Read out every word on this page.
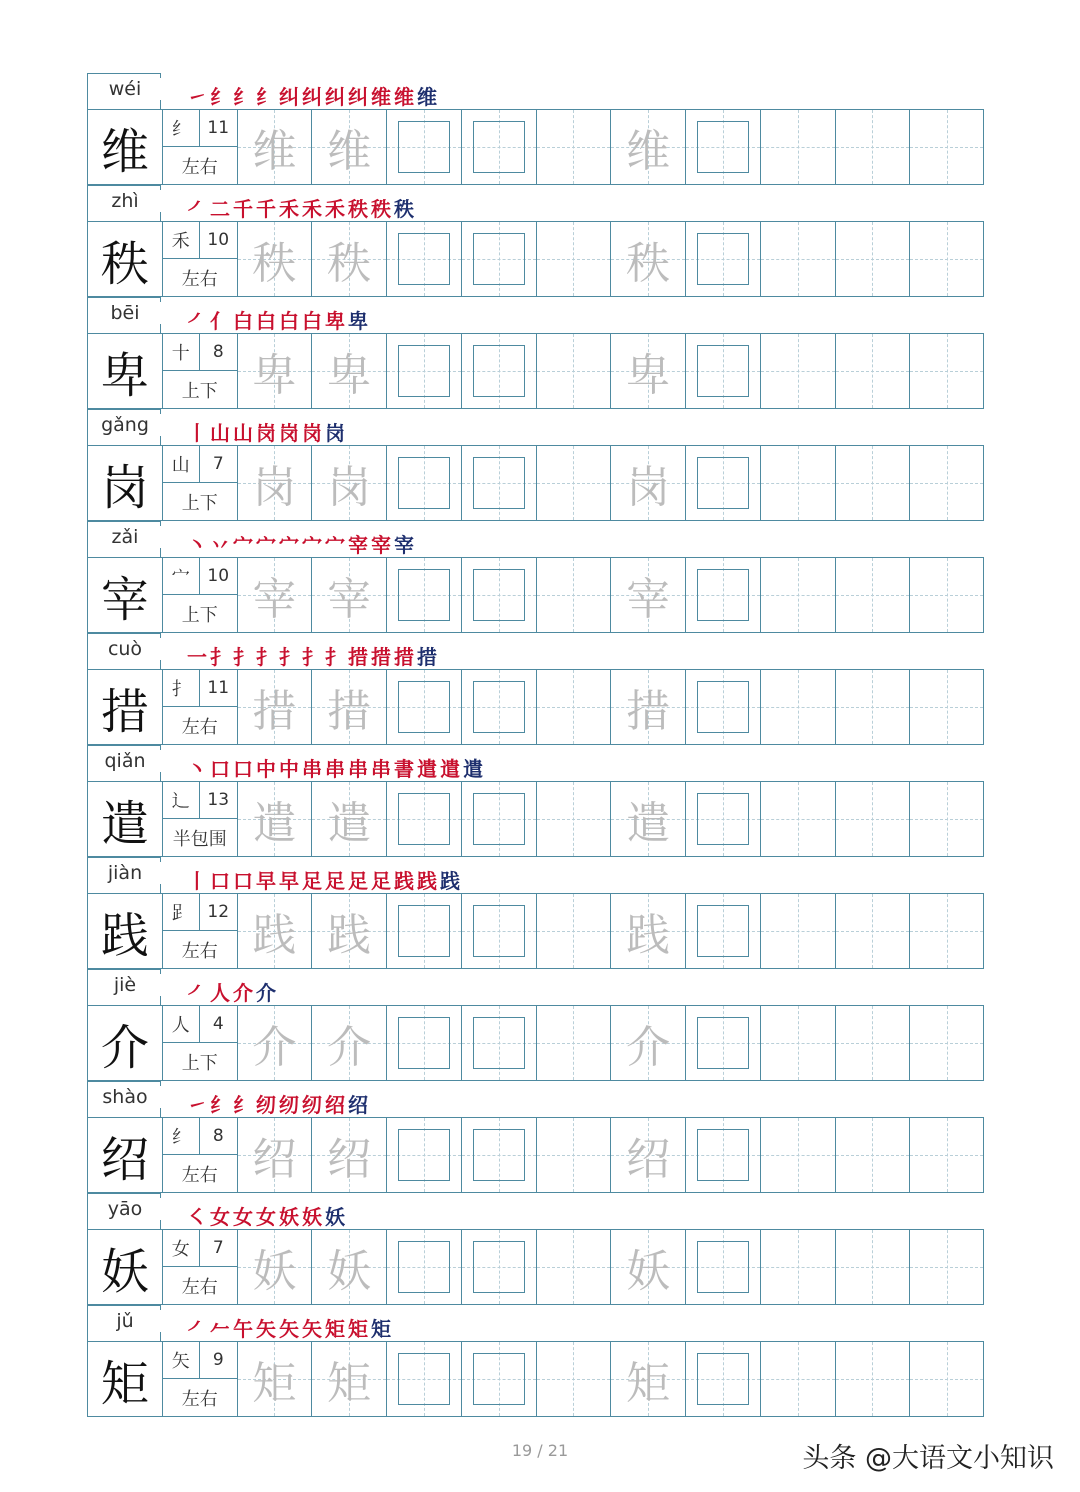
wéi	㇀纟纟纟纠纠纠纠维维维
维	纟	11
左右 维 维	维
zhì	㇒二千千禾禾禾秩秩秩
秩	禾	10
左右 秩 秩	秩
bēi	㇒亻白白白白卑卑
卑	十	8
上下 卑 卑	卑
gǎng	丨山山岗岗岗岗
岗	山	7
上下 岗 岗	岗
zǎi	丶丷宀宀宀宀宀宰宰宰
宰	宀	10
上下 宰 宰	宰
cuò	一扌扌扌扌扌扌措措措措
措	扌	11
左右 措 措	措
qiǎn	丶口口中中串串串串書遣遣遣
遣	辶	13
半包围 遣 遣	遣
jiàn	丨口口早早足足足足践践践
践	𧾷	12
左右 践 践	践
jiè	㇒人介介
介	人	4
上下 介 介	介
shào	㇀纟纟纫纫纫绍绍
绍	纟	8
左右 绍 绍	绍
yāo	㇛女女女妖妖妖
妖	女	7
左右 妖 妖	妖
jǔ	㇒𠂉午矢矢矢矩矩矩
矩	矢	9
左右 矩 矩	矩
19 / 21	头条 @大语文小知识
